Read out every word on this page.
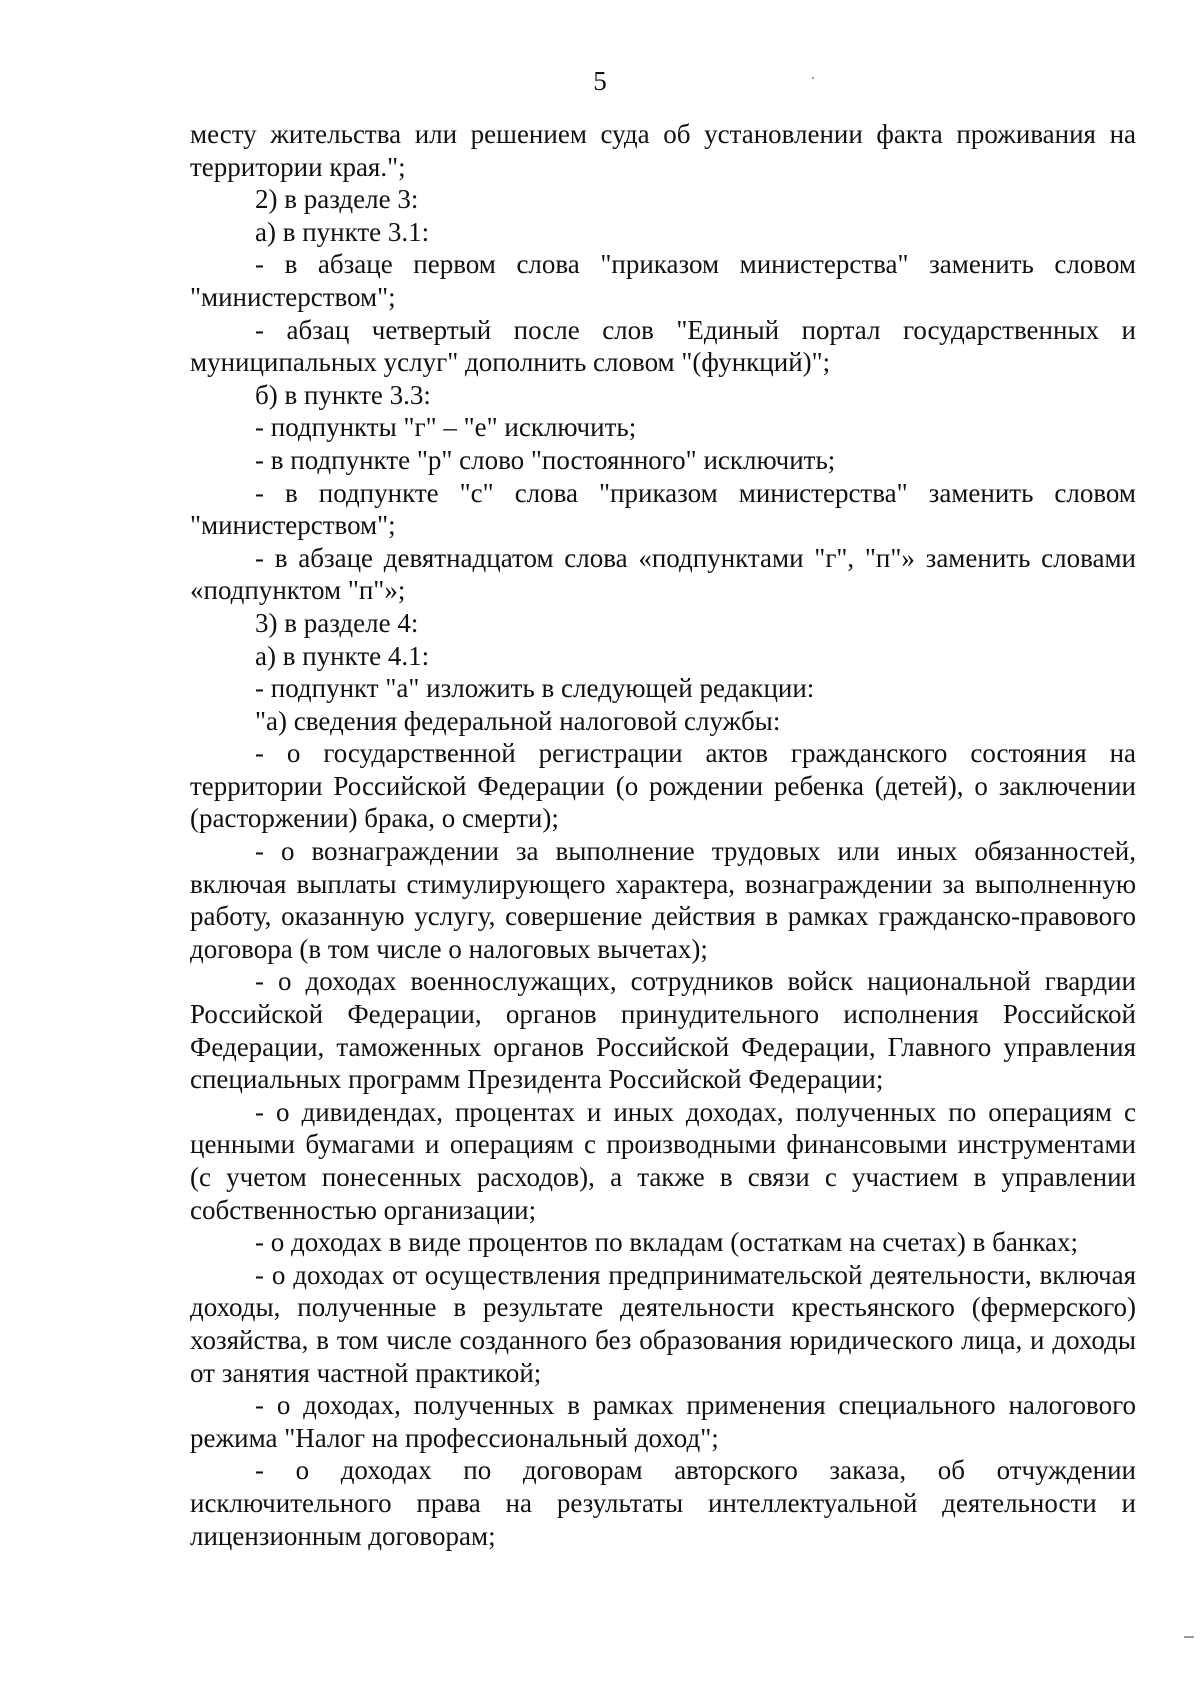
5

месту жительства или решением суда об установлении факта проживания на территории края.";

2) в разделе 3:

а) в пункте 3.1:

- в абзаце первом слова "приказом министерства" заменить словом "министерством";

- абзац четвертый после слов "Единый портал государственных и муниципальных услуг" дополнить словом "(функций)";

б) в пункте 3.3:

- подпункты "г" – "е" исключить;

- в подпункте "р" слово "постоянного" исключить;

- в подпункте "с" слова "приказом министерства" заменить словом "министерством";

- в абзаце девятнадцатом слова «подпунктами "г", "п"» заменить словами «подпунктом "п"»;

3) в разделе 4:

а) в пункте 4.1:

- подпункт "а" изложить в следующей редакции:

"а) сведения федеральной налоговой службы:

- о государственной регистрации актов гражданского состояния на территории Российской Федерации (о рождении ребенка (детей), о заключении (расторжении) брака, о смерти);

- о вознаграждении за выполнение трудовых или иных обязанностей, включая выплаты стимулирующего характера, вознаграждении за выполненную работу, оказанную услугу, совершение действия в рамках гражданско-правового договора (в том числе о налоговых вычетах);

- о доходах военнослужащих, сотрудников войск национальной гвардии Российской Федерации, органов принудительного исполнения Российской Федерации, таможенных органов Российской Федерации, Главного управления специальных программ Президента Российской Федерации;

- о дивидендах, процентах и иных доходах, полученных по операциям с ценными бумагами и операциям с производными финансовыми инструментами (с учетом понесенных расходов), а также в связи с участием в управлении собственностью организации;

- о доходах в виде процентов по вкладам (остаткам на счетах) в банках;

- о доходах от осуществления предпринимательской деятельности, включая доходы, полученные в результате деятельности крестьянского (фермерского) хозяйства, в том числе созданного без образования юридического лица, и доходы от занятия частной практикой;

- о доходах, полученных в рамках применения специального налогового режима "Налог на профессиональный доход";

- о доходах по договорам авторского заказа, об отчуждении исключительного права на результаты интеллектуальной деятельности и лицензионным договорам;
